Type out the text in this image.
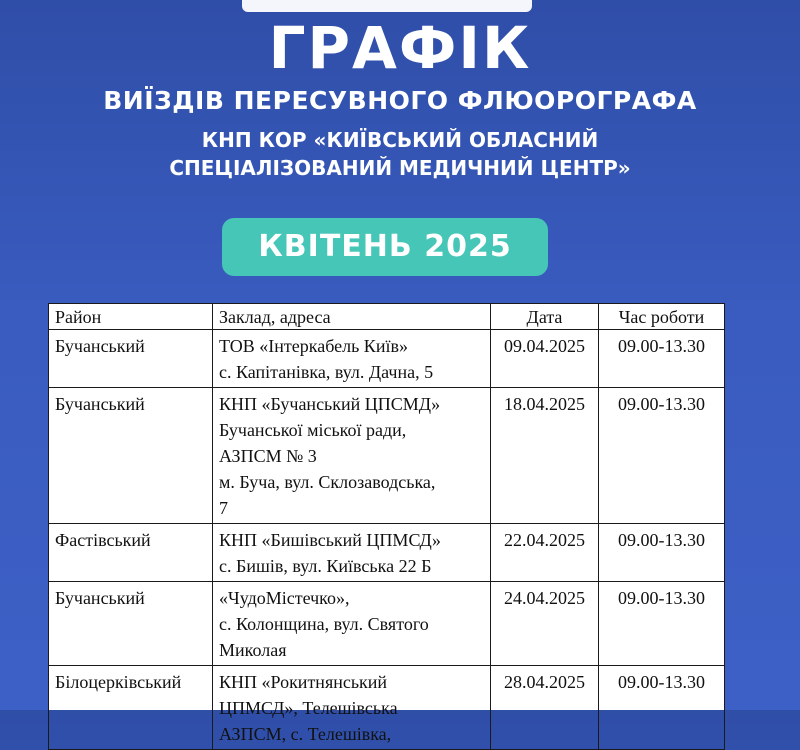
ГРАФІК
ВИЇЗДІВ ПЕРЕСУВНОГО ФЛЮОРОГРАФА
КНП КОР «КИЇВСЬКИЙ ОБЛАСНИЙ
СПЕЦІАЛІЗОВАНИЙ МЕДИЧНИЙ ЦЕНТР»
КВІТЕНЬ 2025
Район	Заклад, адреса	Дата	Час роботи
Бучанський	ТОВ «Інтеркабель Київ»
с. Капітанівка, вул. Дачна, 5	09.04.2025	09.00-13.30
Бучанський	КНП «Бучанський ЦПСМД»
Бучанської міської ради,
АЗПСМ № 3
м. Буча, вул. Склозаводська,
7	18.04.2025	09.00-13.30
Фастівський	КНП «Бишівський ЦПМСД»
с. Бишів, вул. Київська 22 Б	22.04.2025	09.00-13.30
Бучанський	«ЧудоМістечко»,
с. Колонщина, вул. Святого
Миколая	24.04.2025	09.00-13.30
Білоцерківський	КНП «Рокитнянський
ЦПМСД», Телешівська
АЗПСМ, с. Телешівка,	28.04.2025	09.00-13.30
